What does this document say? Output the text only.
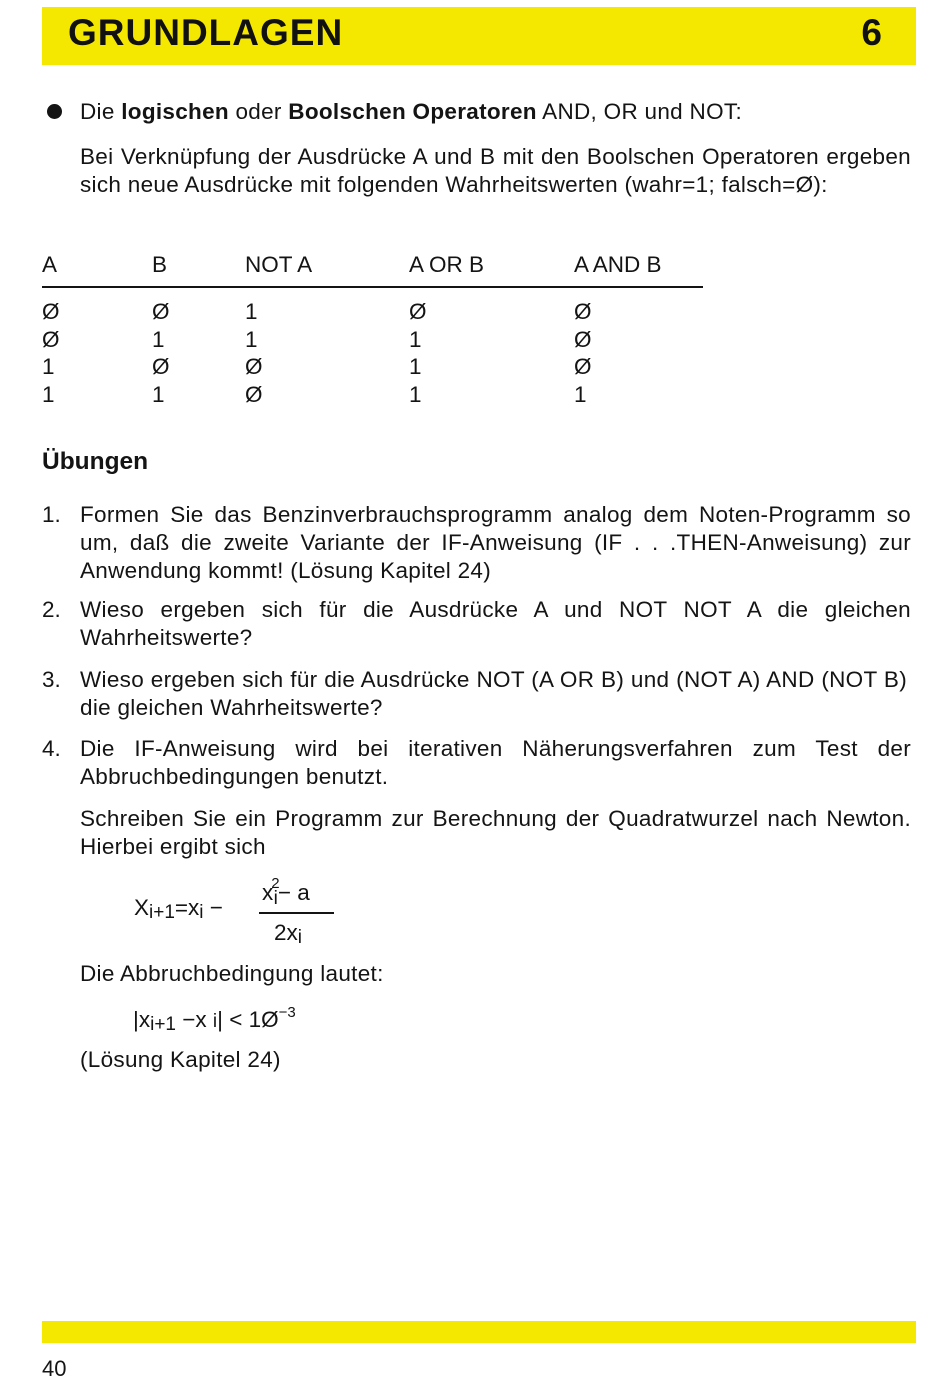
GRUNDLAGEN	6
Die logischen oder Boolschen Operatoren AND, OR und NOT:
Bei Verknüpfung der Ausdrücke A und B mit den Boolschen Operatoren ergeben sich neue Ausdrücke mit folgenden Wahrheitswerten (wahr=1; falsch=Ø):
A	B	NOT A	A OR B	A AND B
Ø	Ø	1	Ø	Ø
Ø	1	1	1	Ø
1	Ø	Ø	1	Ø
1	1	Ø	1	1
Übungen
1. Formen Sie das Benzinverbrauchsprogramm analog dem Noten-Programm so um, daß die zweite Variante der IF-Anweisung (IF . . .THEN-Anweisung) zur Anwendung kommt! (Lösung Kapitel 24)
2. Wieso ergeben sich für die Ausdrücke A und NOT NOT A die gleichen Wahrheitswerte?
3. Wieso ergeben sich für die Ausdrücke NOT (A OR B) und (NOT A) AND (NOT B) die gleichen Wahrheitswerte?
4. Die IF-Anweisung wird bei iterativen Näherungsverfahren zum Test der Abbruchbedingungen benutzt.
Schreiben Sie ein Programm zur Berechnung der Quadratwurzel nach Newton. Hierbei ergibt sich
$X_{i+1}=x_i$ −
$x^2i- a$
$2x_i$
Die Abbruchbedingung lautet:
$|x_{i+1} -x$ $i| < 1Ø^{-3}$
(Lösung Kapitel 24)
40
